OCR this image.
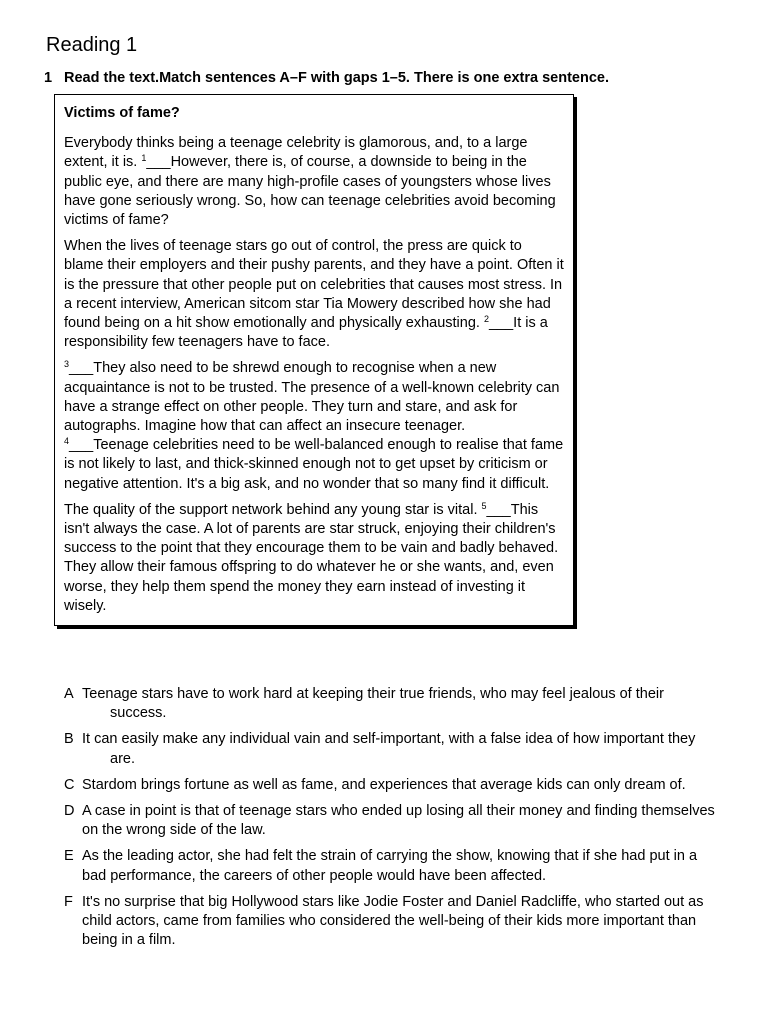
Reading 1
1 Read the text.Match sentences A–F with gaps 1–5. There is one extra sentence.
Victims of fame?

Everybody thinks being a teenage celebrity is glamorous, and, to a large extent, it is. $^1$___However, there is, of course, a downside to being in the public eye, and there are many high-profile cases of youngsters whose lives have gone seriously wrong. So, how can teenage celebrities avoid becoming victims of fame?

When the lives of teenage stars go out of control, the press are quick to blame their employers and their pushy parents, and they have a point. Often it is the pressure that other people put on celebrities that causes most stress. In a recent interview, American sitcom star Tia Mowery described how she had found being on a hit show emotionally and physically exhausting. $^2$___It is a responsibility few teenagers have to face.

$^3$___They also need to be shrewd enough to recognise when a new acquaintance is not to be trusted. The presence of a well-known celebrity can have a strange effect on other people. They turn and stare, and ask for autographs. Imagine how that can affect an insecure teenager.

$^4$___Teenage celebrities need to be well-balanced enough to realise that fame is not likely to last, and thick-skinned enough not to get upset by criticism or negative attention. It's a big ask, and no wonder that so many find it difficult.

The quality of the support network behind any young star is vital. $^5$___This isn't always the case. A lot of parents are star struck, enjoying their children's success to the point that they encourage them to be vain and badly behaved. They allow their famous offspring to do whatever he or she wants, and, even worse, they help them spend the money they earn instead of investing it wisely.

A Teenage stars have to work hard at keeping their true friends, who may feel jealous of their success.
B It can easily make any individual vain and self-important, with a false idea of how important they are.
C Stardom brings fortune as well as fame, and experiences that average kids can only dream of.
D A case in point is that of teenage stars who ended up losing all their money and finding themselves on the wrong side of the law.
E As the leading actor, she had felt the strain of carrying the show, knowing that if she had put in a bad performance, the careers of other people would have been affected.
F It's no surprise that big Hollywood stars like Jodie Foster and Daniel Radcliffe, who started out as child actors, came from families who considered the well-being of their kids more important than being in a film.
